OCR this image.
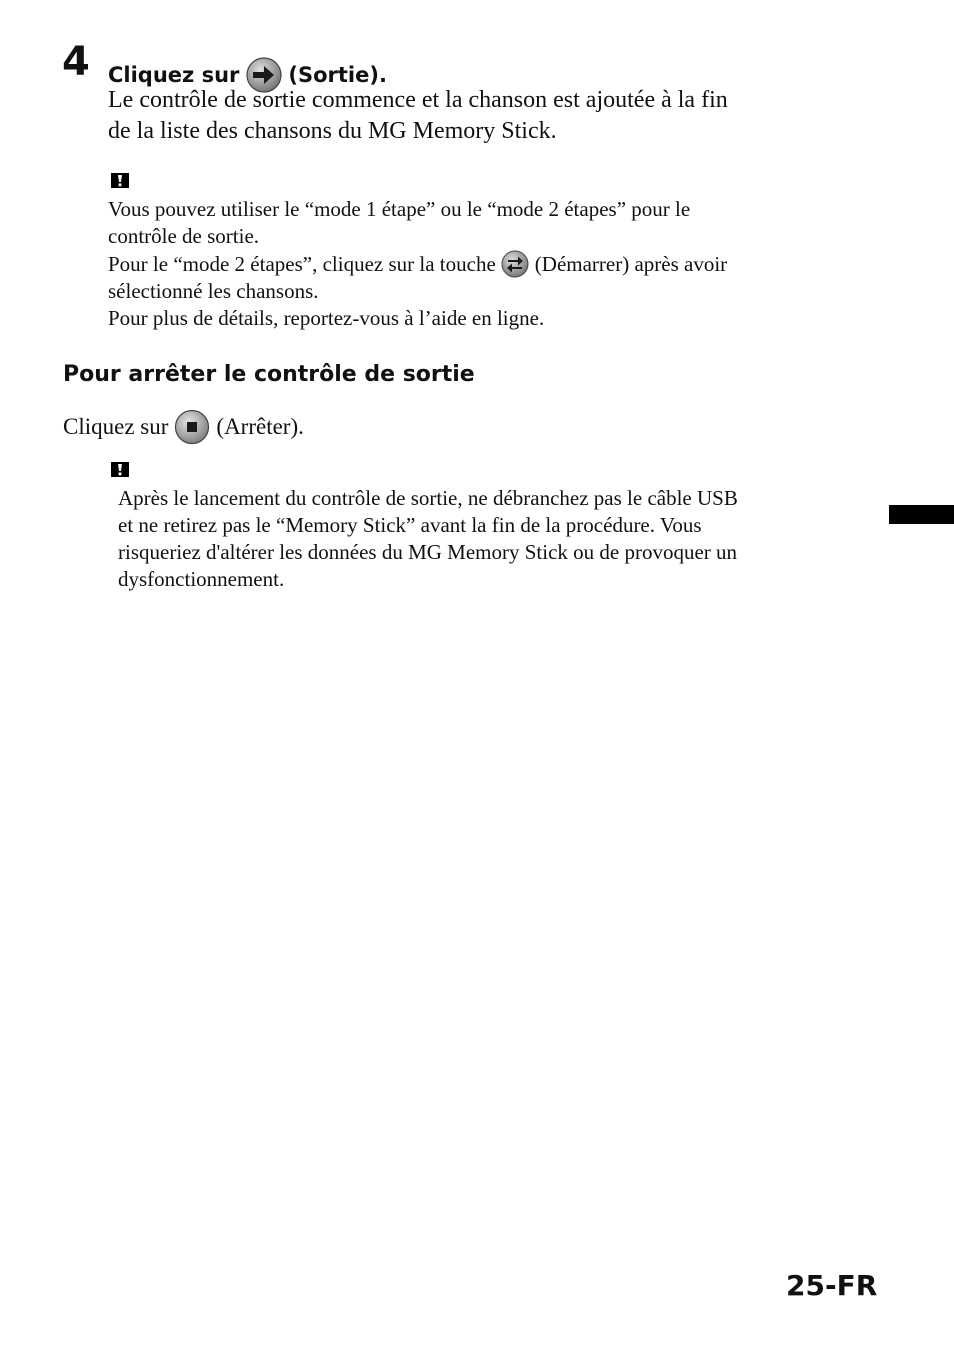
4 Cliquez sur (Sortie).
Le contrôle de sortie commence et la chanson est ajoutée à la fin
de la liste des chansons du MG Memory Stick.
Vous pouvez utiliser le “mode 1 étape” ou le “mode 2 étapes” pour le
contrôle de sortie.
Pour le “mode 2 étapes”, cliquez sur la touche (Démarrer) après avoir
sélectionné les chansons.
Pour plus de détails, reportez-vous à l’aide en ligne.
Pour arrêter le contrôle de sortie
Cliquez sur (Arrêter).
Après le lancement du contrôle de sortie, ne débranchez pas le câble USB
et ne retirez pas le “Memory Stick” avant la fin de la procédure. Vous
risqueriez d'altérer les données du MG Memory Stick ou de provoquer un
dysfonctionnement.
25-FR
